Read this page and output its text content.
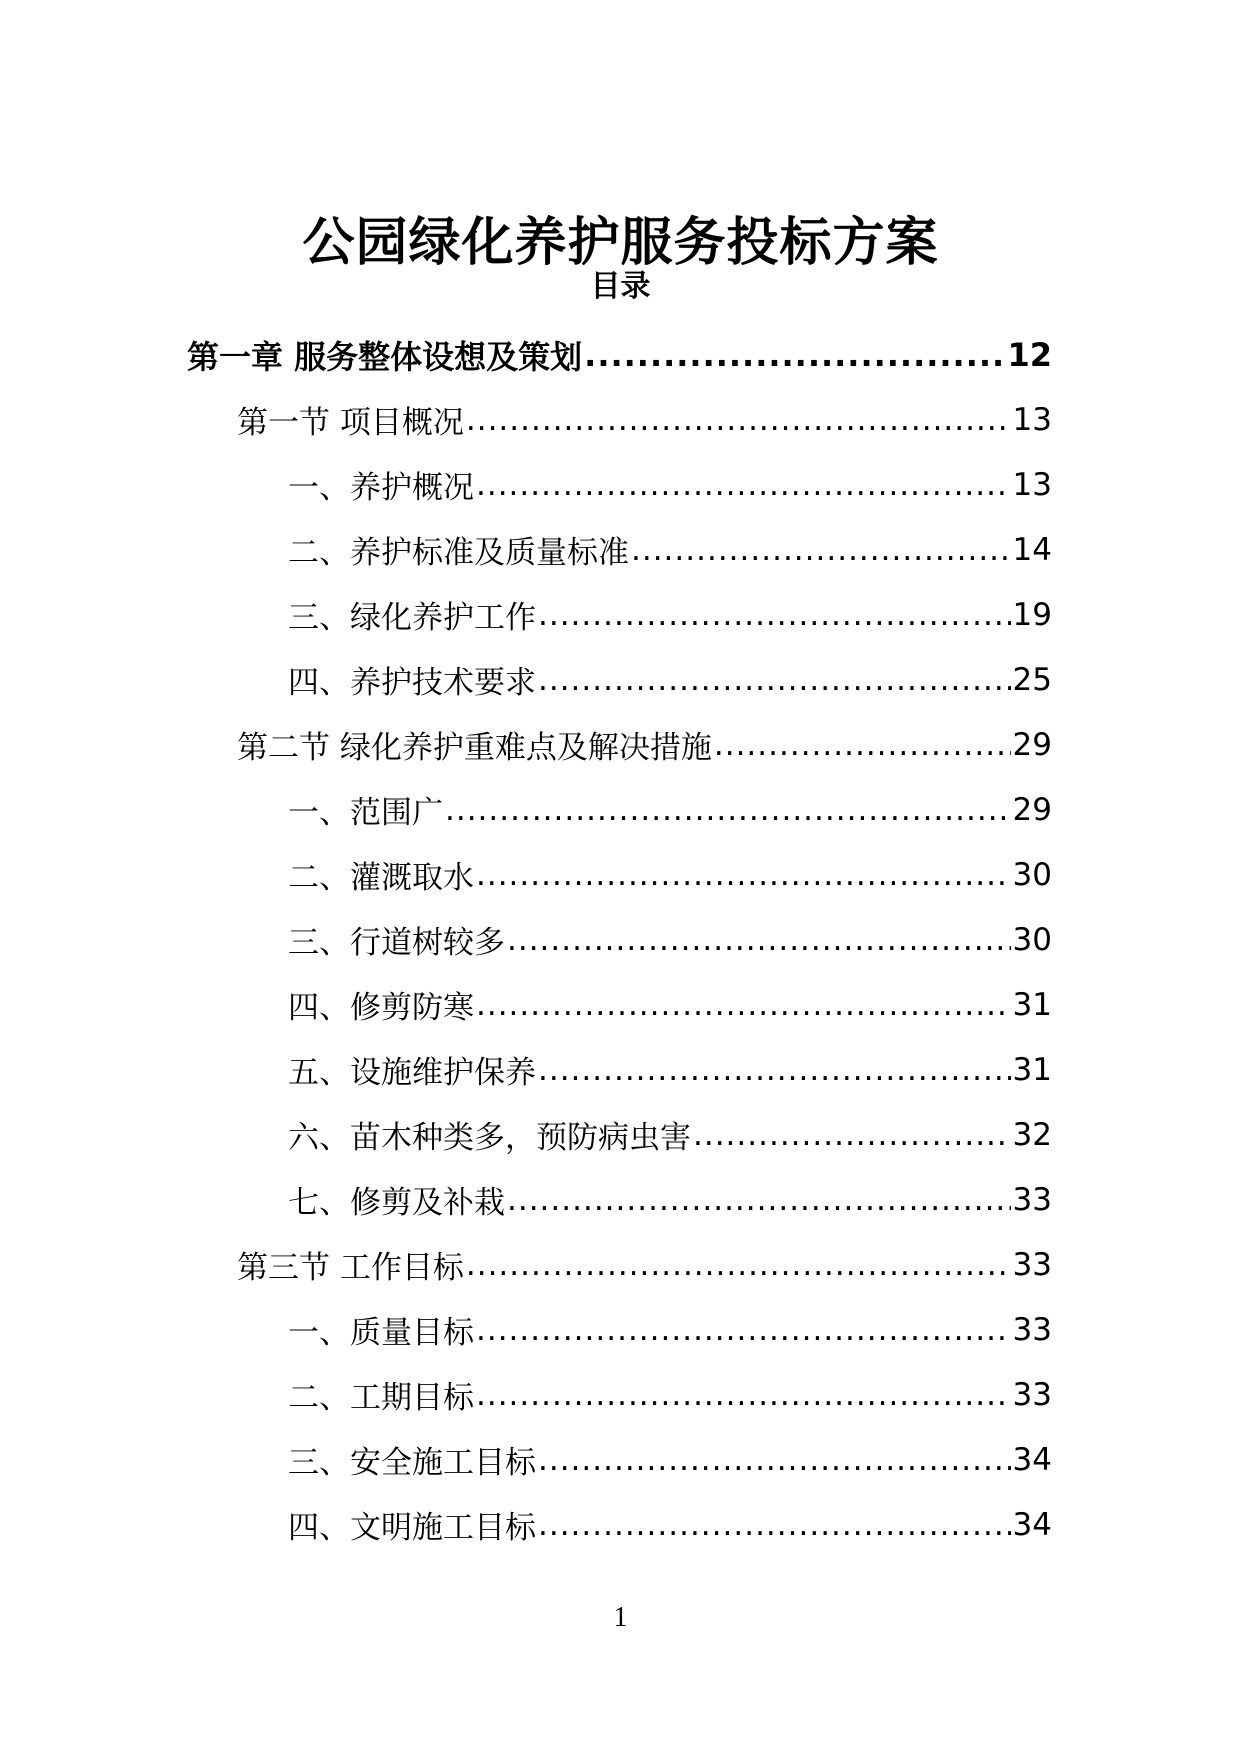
公园绿化养护服务投标方案
目录
第一章 服务整体设想及策划 .....	12
第一节 项目概况 .....	13
一、养护概况 .....	13
二、养护标准及质量标准 .....	14
三、绿化养护工作 .....	19
四、养护技术要求 .....	25
第二节 绿化养护重难点及解决措施 .....	29
一、范围广 .....	29
二、灌溉取水 .....	30
三、行道树较多 .....	30
四、修剪防寒 .....	31
五、设施维护保养 .....	31
六、苗木种类多，预防病虫害 .....	32
七、修剪及补栽 .....	33
第三节 工作目标 .....	33
一、质量目标 .....	33
二、工期目标 .....	33
三、安全施工目标 .....	34
四、文明施工目标 .....	34
1
